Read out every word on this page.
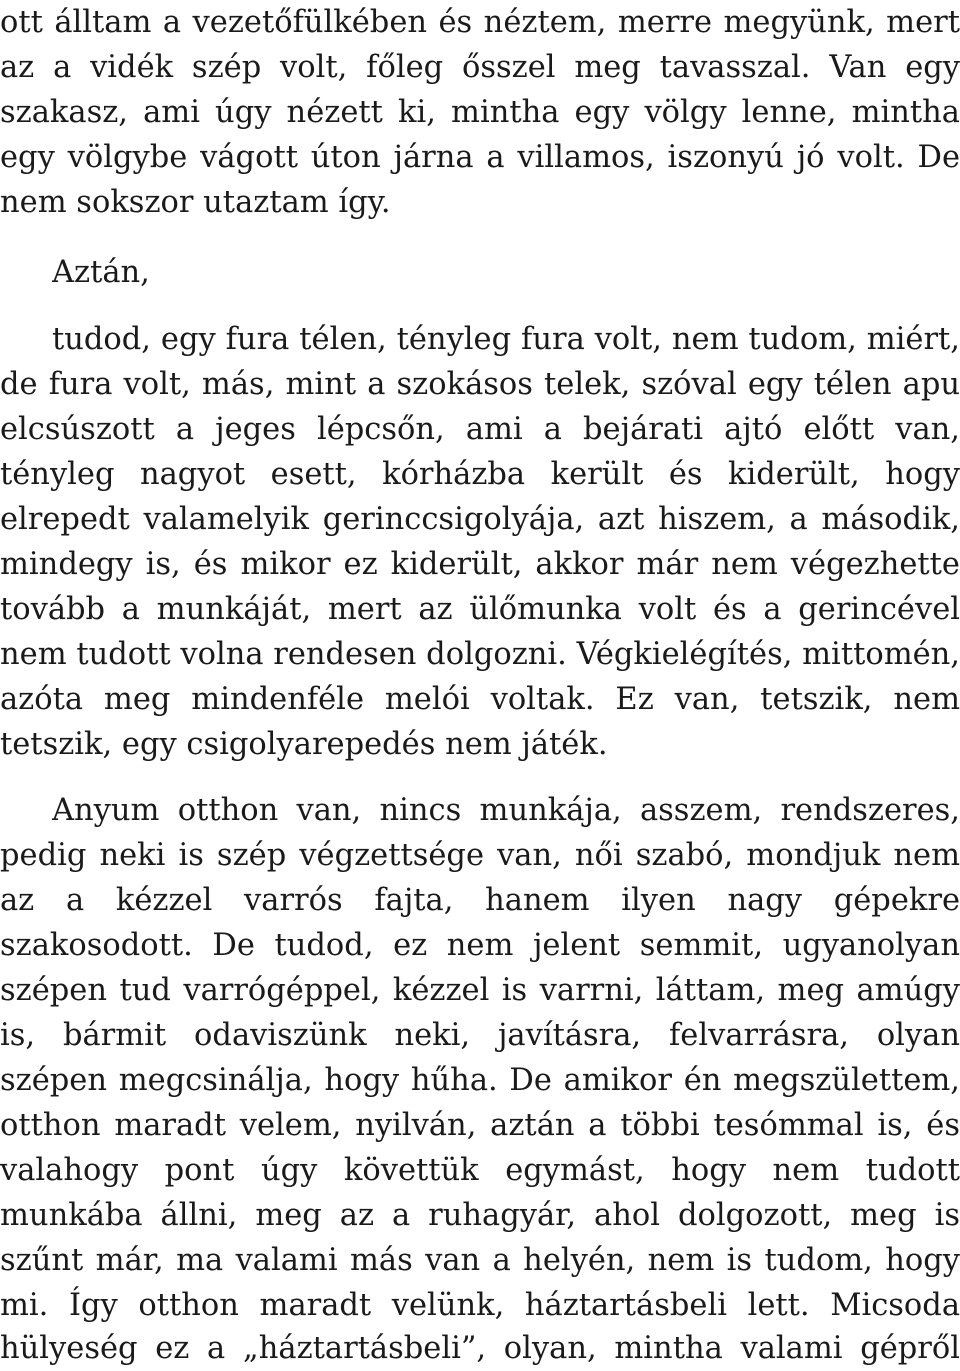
ott álltam a vezetőfülkében és néztem, merre megyünk, mert
az a vidék szép volt, főleg ősszel meg tavasszal. Van egy
szakasz, ami úgy nézett ki, mintha egy völgy lenne, mintha
egy völgybe vágott úton járna a villamos, iszonyú jó volt. De
nem sokszor utaztam így.
Aztán,
tudod, egy fura télen, tényleg fura volt, nem tudom, miért,
de fura volt, más, mint a szokásos telek, szóval egy télen apu
elcsúszott a jeges lépcsőn, ami a bejárati ajtó előtt van,
tényleg nagyot esett, kórházba került és kiderült, hogy
elrepedt valamelyik gerinccsigolyája, azt hiszem, a második,
mindegy is, és mikor ez kiderült, akkor már nem végezhette
tovább a munkáját, mert az ülőmunka volt és a gerincével
nem tudott volna rendesen dolgozni. Végkielégítés, mittomén,
azóta meg mindenféle melói voltak. Ez van, tetszik, nem
tetszik, egy csigolyarepedés nem játék.
Anyum otthon van, nincs munkája, asszem, rendszeres,
pedig neki is szép végzettsége van, női szabó, mondjuk nem
az a kézzel varrós fajta, hanem ilyen nagy gépekre
szakosodott. De tudod, ez nem jelent semmit, ugyanolyan
szépen tud varrógéppel, kézzel is varrni, láttam, meg amúgy
is, bármit odaviszünk neki, javításra, felvarrásra, olyan
szépen megcsinálja, hogy hűha. De amikor én megszülettem,
otthon maradt velem, nyilván, aztán a többi tesómmal is, és
valahogy pont úgy követtük egymást, hogy nem tudott
munkába állni, meg az a ruhagyár, ahol dolgozott, meg is
szűnt már, ma valami más van a helyén, nem is tudom, hogy
mi. Így otthon maradt velünk, háztartásbeli lett. Micsoda
hülyeség ez a „háztartásbeli”, olyan, mintha valami gépről
